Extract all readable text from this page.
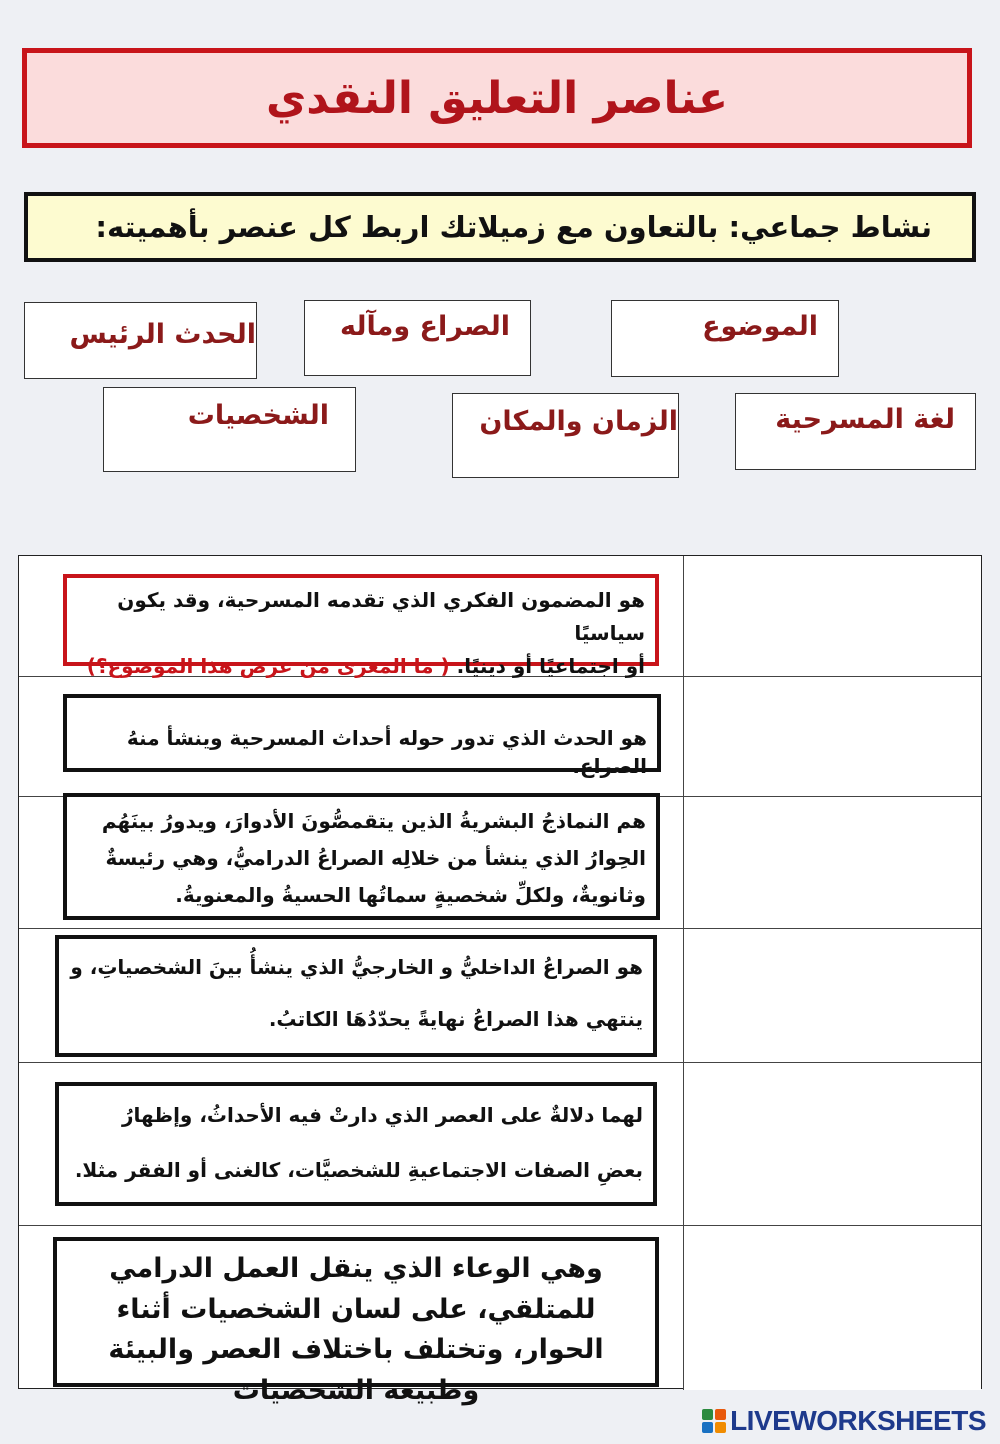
عناصر التعليق النقدي
نشاط جماعي: بالتعاون مع زميلاتك اربط كل عنصر بأهميته:
الموضوع
الصراع ومآله
الحدث الرئيس
لغة المسرحية
الزمان والمكان
الشخصيات
هو المضمون الفكري الذي تقدمه المسرحية، وقد يكون سياسيًا
أو اجتماعيًا أو دينيًا. ( ما المغزى من عرض هذا الموضوع؟)
هو الحدث الذي تدور حوله أحداث المسرحية وينشأ منهُ الصراع.
هم النماذجُ البشريةُ الذين يتقمصُّونَ الأدوارَ، ويدورُ بينَهُم الحِوارُ الذي ينشأ من خلالِه الصراعُ الدراميُّ، وهي رئيسةٌ وثانويةٌ، ولكلِّ شخصيةٍ سماتُها الحسيةُ والمعنويةُ.
هو الصراعُ الداخليُّ و الخارجيُّ الذي ينشأُ بينَ الشخصياتِ، و ينتهي هذا الصراعُ نهايةً يحدّدُهَا الكاتبُ.
لهما دلالةٌ على العصر الذي دارتْ فيه الأحداثُ، وإظهارُ بعضِ الصفات الاجتماعيةِ للشخصيَّات، كالغنى أو الفقر مثلا.
وهي الوعاء الذي ينقل العمل الدرامي للمتلقي، على لسان الشخصيات أثناء الحوار، وتختلف باختلاف العصر والبيئة وطبيعة الشخصيات
LIVEWORKSHEETS
